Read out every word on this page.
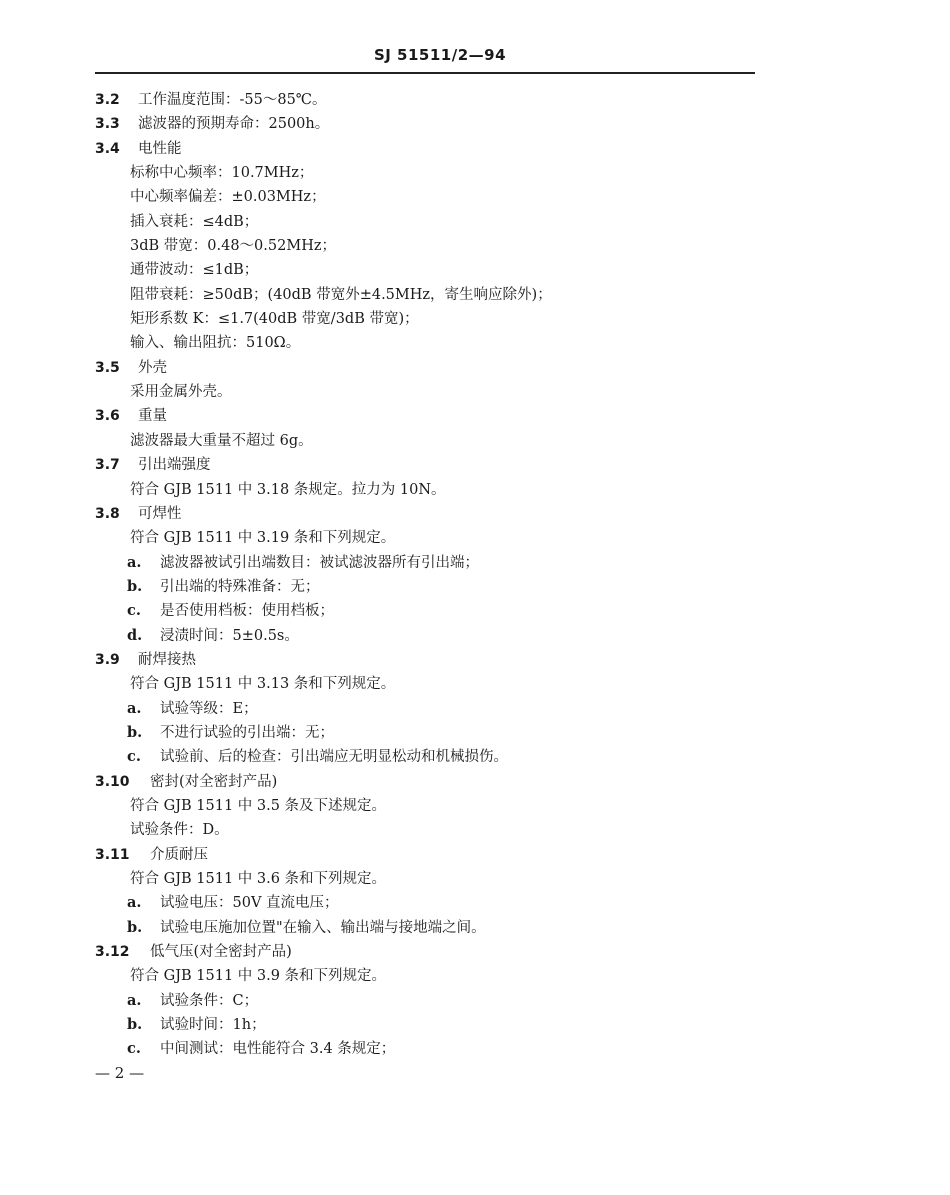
SJ 51511/2—94
3.2 工作温度范围：-55～85℃。
3.3 滤波器的预期寿命：2500h。
3.4 电性能
标称中心频率：10.7MHz；
中心频率偏差：±0.03MHz；
插入衰耗：≤4dB；
3dB 带宽：0.48～0.52MHz；
通带波动：≤1dB；
阻带衰耗：≥50dB；(40dB 带宽外±4.5MHz，寄生响应除外)；
矩形系数 K：≤1.7(40dB 带宽/3dB 带宽)；
输入、输出阻抗：510Ω。
3.5 外壳
采用金属外壳。
3.6 重量
滤波器最大重量不超过 6g。
3.7 引出端强度
符合 GJB 1511 中 3.18 条规定。拉力为 10N。
3.8 可焊性
符合 GJB 1511 中 3.19 条和下列规定。
a. 滤波器被试引出端数目：被试滤波器所有引出端；
b. 引出端的特殊准备：无；
c. 是否使用档板：使用档板；
d. 浸渍时间：5±0.5s。
3.9 耐焊接热
符合 GJB 1511 中 3.13 条和下列规定。
a. 试验等级：E；
b. 不进行试验的引出端：无；
c. 试验前、后的检查：引出端应无明显松动和机械损伤。
3.10 密封(对全密封产品)
符合 GJB 1511 中 3.5 条及下述规定。
试验条件：D。
3.11 介质耐压
符合 GJB 1511 中 3.6 条和下列规定。
a. 试验电压：50V 直流电压；
b. 试验电压施加位置"在输入、输出端与接地端之间。
3.12 低气压(对全密封产品)
符合 GJB 1511 中 3.9 条和下列规定。
a. 试验条件：C；
b. 试验时间：1h；
c. 中间测试：电性能符合 3.4 条规定；
— 2 —
